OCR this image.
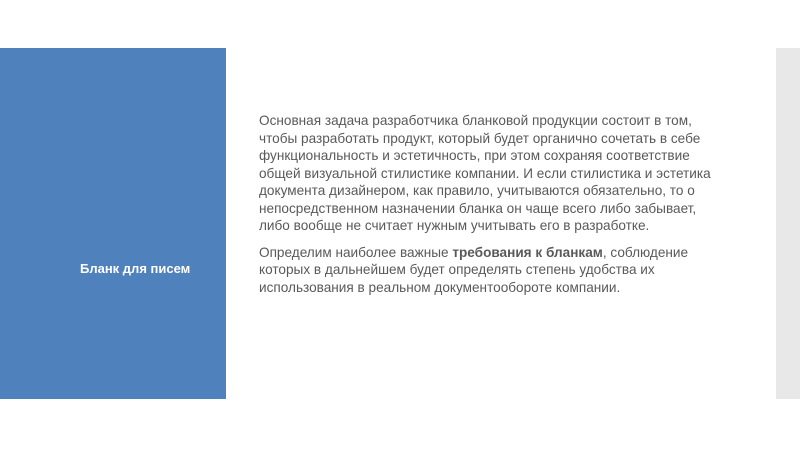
Бланк для писем

Основная задача разработчика бланковой продукции состоит в том, чтобы разработать продукт, который будет органично сочетать в себе функциональность и эстетичность, при этом сохраняя соответствие общей визуальной стилистике компании. И если стилистика и эстетика документа дизайнером, как правило, учитываются обязательно, то о непосредственном назначении бланка он чаще всего либо забывает, либо вообще не считает нужным учитывать его в разработке.

Определим наиболее важные требования к бланкам, соблюдение которых в дальнейшем будет определять степень удобства их использования в реальном документообороте компании.
